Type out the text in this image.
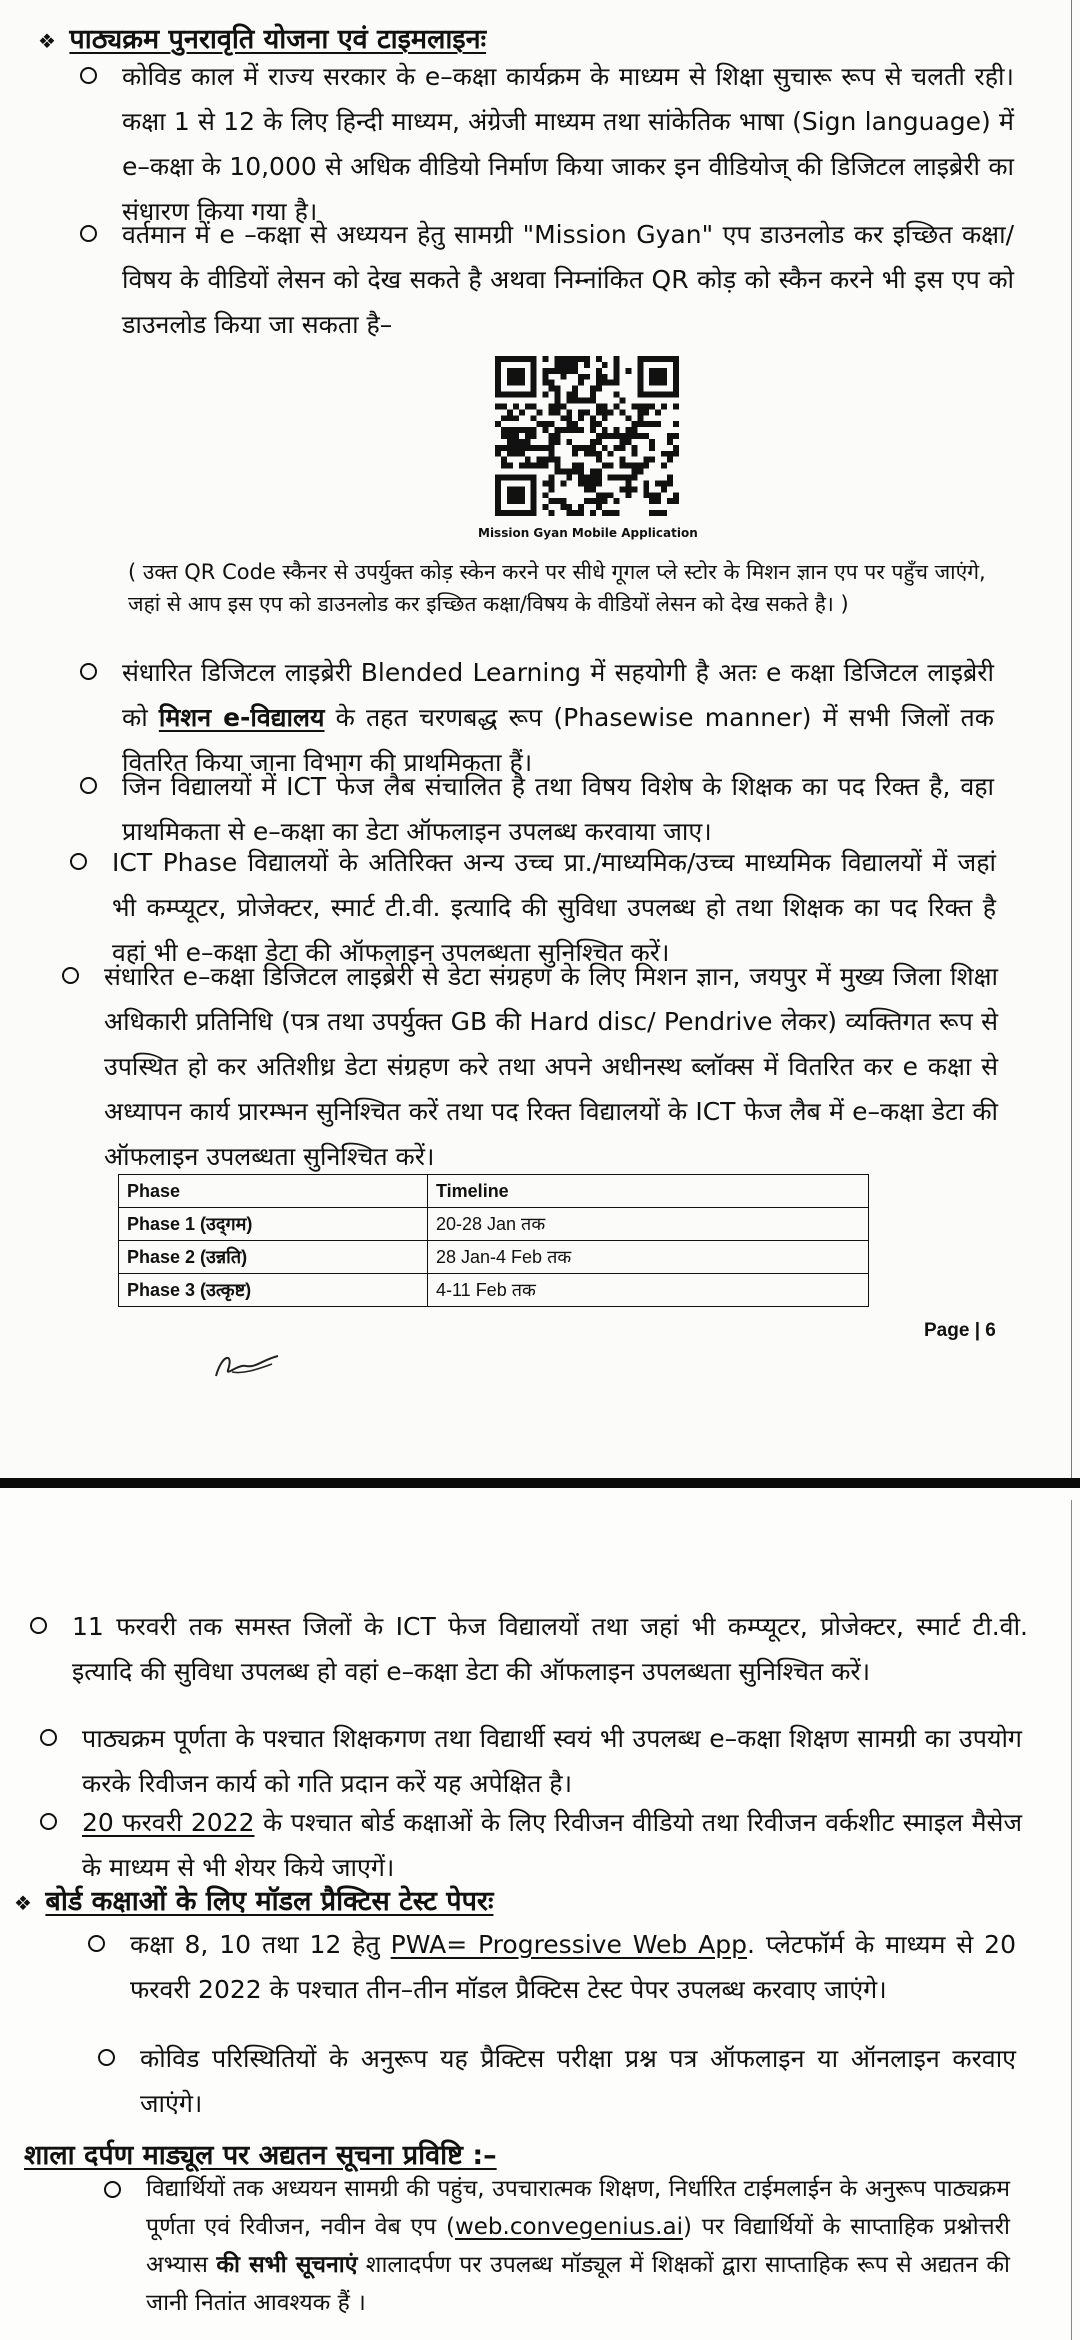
❖ पाठ्यक्रम पुनरावृति योजना एवं टाइमलाइनः
कोविड काल में राज्य सरकार के e–कक्षा कार्यक्रम के माध्यम से शिक्षा सुचारू रूप से चलती रही। कक्षा 1 से 12 के लिए हिन्दी माध्यम, अंग्रेजी माध्यम तथा सांकेतिक भाषा (Sign language) में e–कक्षा के 10,000 से अधिक वीडियो निर्माण किया जाकर इन वीडियोज् की डिजिटल लाइब्रेरी का संधारण किया गया है।
वर्तमान में e –कक्षा से अध्ययन हेतु सामग्री "Mission Gyan" एप डाउनलोड कर इच्छित कक्षा/विषय के वीडियों लेसन को देख सकते है अथवा निम्नांकित QR कोड़ को स्कैन करने भी इस एप को डाउनलोड किया जा सकता है–
Mission Gyan Mobile Application
( उक्त QR Code स्कैनर से उपर्युक्त कोड़ स्केन करने पर सीधे गूगल प्ले स्टोर के मिशन ज्ञान एप पर पहुँच जाएंगे, जहां से आप इस एप को डाउनलोड कर इच्छित कक्षा/विषय के वीडियों लेसन को देख सकते है। )
संधारित डिजिटल लाइब्रेरी Blended Learning में सहयोगी है अतः e कक्षा डिजिटल लाइब्रेरी को मिशन e-विद्यालय के तहत चरणबद्ध रूप (Phasewise manner) में सभी जिलों तक वितरित किया जाना विभाग की प्राथमिकता हैं।
जिन विद्यालयों में ICT फेज लैब संचालित है तथा विषय विशेष के शिक्षक का पद रिक्त है, वहा प्राथमिकता से e–कक्षा का डेटा ऑफलाइन उपलब्ध करवाया जाए।
ICT Phase विद्यालयों के अतिरिक्त अन्य उच्च प्रा./माध्यमिक/उच्च माध्यमिक विद्यालयों में जहां भी कम्प्यूटर, प्रोजेक्टर, स्मार्ट टी.वी. इत्यादि की सुविधा उपलब्ध हो तथा शिक्षक का पद रिक्त है वहां भी e–कक्षा डेटा की ऑफलाइन उपलब्धता सुनिश्चित करें।
संधारित e–कक्षा डिजिटल लाइब्रेरी से डेटा संग्रहण के लिए मिशन ज्ञान, जयपुर में मुख्य जिला शिक्षा अधिकारी प्रतिनिधि (पत्र तथा उपर्युक्त GB की Hard disc/ Pendrive लेकर) व्यक्तिगत रूप से उपस्थित हो कर अतिशीध्र डेटा संग्रहण करे तथा अपने अधीनस्थ ब्लॉक्स में वितरित कर e कक्षा से अध्यापन कार्य प्रारम्भन सुनिश्चित करें तथा पद रिक्त विद्यालयों के ICT फेज लैब में e–कक्षा डेटा की ऑफलाइन उपलब्धता सुनिश्चित करें।
Phase	Timeline
Phase 1 (उद्‌गम)	20-28 Jan तक
Phase 2 (उन्नति)	28 Jan-4 Feb तक
Phase 3 (उत्कृष्ट)	4-11 Feb तक
Page | 6
11 फरवरी तक समस्त जिलों के ICT फेज विद्यालयों तथा जहां भी कम्प्यूटर, प्रोजेक्टर, स्मार्ट टी.वी. इत्यादि की सुविधा उपलब्ध हो वहां e–कक्षा डेटा की ऑफलाइन उपलब्धता सुनिश्चित करें।
पाठ्यक्रम पूर्णता के पश्चात शिक्षकगण तथा विद्यार्थी स्वयं भी उपलब्ध e–कक्षा शिक्षण सामग्री का उपयोग करके रिवीजन कार्य को गति प्रदान करें यह अपेक्षित है।
20 फरवरी 2022 के पश्चात बोर्ड कक्षाओं के लिए रिवीजन वीडियो तथा रिवीजन वर्कशीट स्माइल मैसेज के माध्यम से भी शेयर किये जाएगें।
❖ बोर्ड कक्षाओं के लिए मॉडल प्रैक्टिस टेस्ट पेपरः
कक्षा 8, 10 तथा 12 हेतु PWA= Progressive Web App. प्लेटफॉर्म के माध्यम से 20 फरवरी 2022 के पश्चात तीन–तीन मॉडल प्रैक्टिस टेस्ट पेपर उपलब्ध करवाए जाएंगे।
कोविड परिस्थितियों के अनुरूप यह प्रैक्टिस परीक्षा प्रश्न पत्र ऑफलाइन या ऑनलाइन करवाए जाएंगे।
शाला दर्पण माड्यूल पर अद्यतन सूचना प्रविष्टि :–
विद्यार्थियों तक अध्ययन सामग्री की पहुंच, उपचारात्मक शिक्षण, निर्धारित टाईमलाईन के अनुरूप पाठ्यक्रम पूर्णता एवं रिवीजन, नवीन वेब एप (web.convegenius.ai) पर विद्यार्थियों के साप्ताहिक प्रश्नोत्तरी अभ्यास की सभी सूचनाएं शालादर्पण पर उपलब्ध मॉड्यूल में शिक्षकों द्वारा साप्ताहिक रूप से अद्यतन की जानी नितांत आवश्यक हैं ।
